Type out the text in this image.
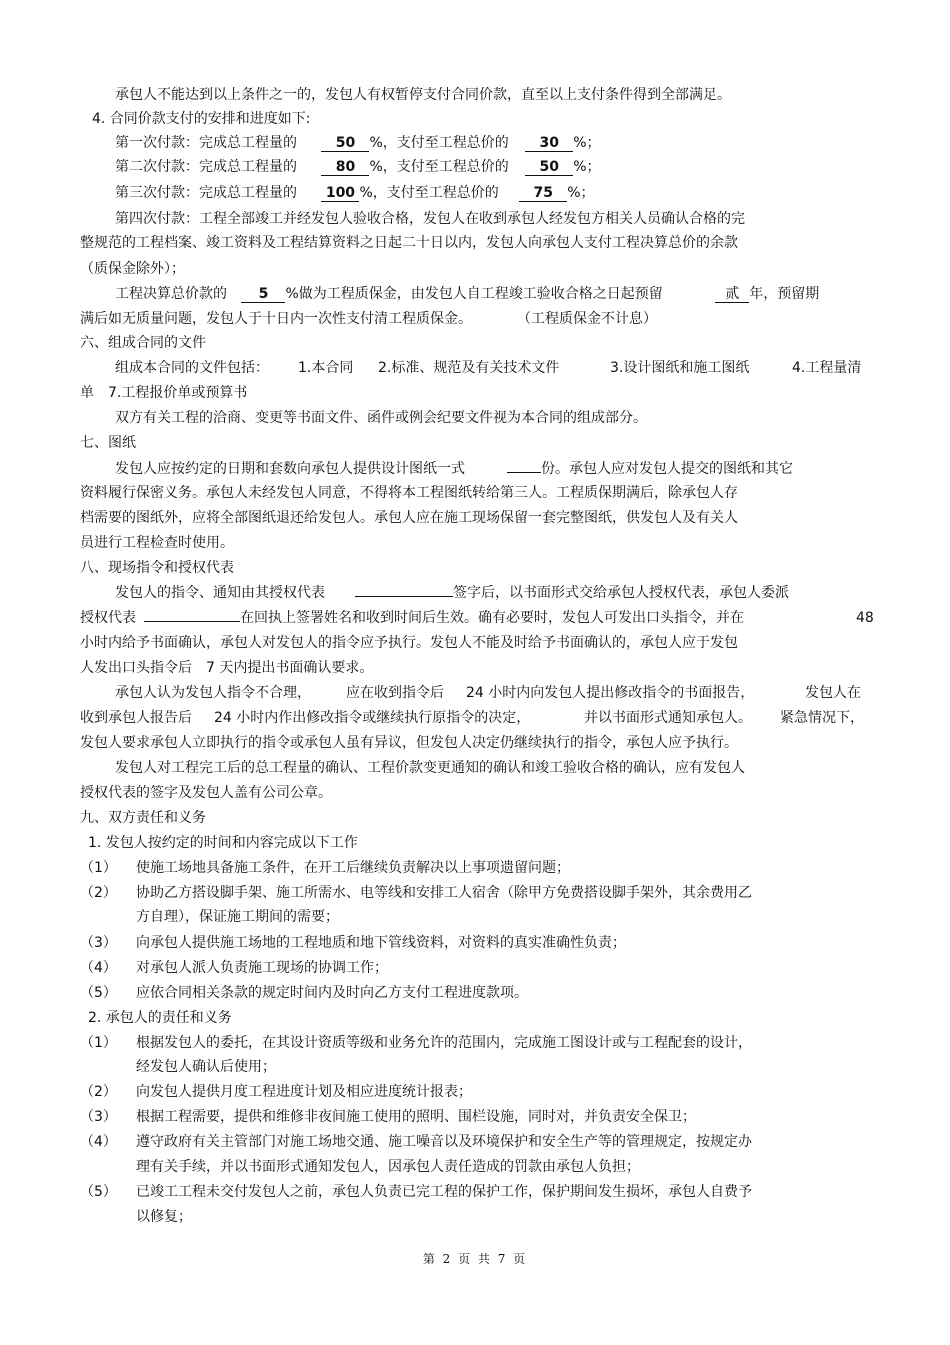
承包人不能达到以上条件之一的，发包人有权暂停支付合同价款，直至以上支付条件得到全部满足。
4. 合同价款支付的安排和进度如下:
第一次付款：完成总工程量的	50 %，支付至工程总价的 30 %；
第二次付款：完成总工程量的	80 %，支付至工程总价的 50 %；
第三次付款：完成总工程量的 100 %，支付至工程总价的 75 %；
第四次付款：工程全部竣工并经发包人验收合格，发包人在收到承包人经发包方相关人员确认合格的完
整规范的工程档案、竣工资料及工程结算资料之日起二十日以内，发包人向承包人支付工程决算总价的余款
（质保金除外）；
工程决算总价款的 5 %做为工程质保金，由发包人自工程竣工验收合格之日起预留	贰 年，预留期
满后如无质量问题，发包人于十日内一次性支付清工程质保金。	（工程质保金不计息）
六、组成合同的文件
组成本合同的文件包括： 1.本合同 2.标准、规范及有关技术文件	3.设计图纸和施工图纸	4.工程量清
单 7.工程报价单或预算书
双方有关工程的洽商、变更等书面文件、函件或例会纪要文件视为本合同的组成部分。
七、图纸
发包人应按约定的日期和套数向承包人提供设计图纸一式	份。承包人应对发包人提交的图纸和其它
资料履行保密义务。承包人未经发包人同意，不得将本工程图纸转给第三人。工程质保期满后，除承包人存
档需要的图纸外，应将全部图纸退还给发包人。承包人应在施工现场保留一套完整图纸，供发包人及有关人
员进行工程检查时使用。
八、现场指令和授权代表
发包人的指令、通知由其授权代表	签字后，以书面形式交给承包人授权代表，承包人委派
授权代表	在回执上签署姓名和收到时间后生效。确有必要时，发包人可发出口头指令，并在	48
小时内给予书面确认，承包人对发包人的指令应予执行。发包人不能及时给予书面确认的，承包人应于发包
人发出口头指令后 7 天内提出书面确认要求。
承包人认为发包人指令不合理，	应在收到指令后 24 小时内向发包人提出修改指令的书面报告，	发包人在
收到承包人报告后 24 小时内作出修改指令或继续执行原指令的决定，	并以书面形式通知承包人。 紧急情况下，
发包人要求承包人立即执行的指令或承包人虽有异议，但发包人决定仍继续执行的指令，承包人应予执行。
发包人对工程完工后的总工程量的确认、工程价款变更通知的确认和竣工验收合格的确认，应有发包人
授权代表的签字及发包人盖有公司公章。
九、双方责任和义务
1. 发包人按约定的时间和内容完成以下工作
（1） 使施工场地具备施工条件，在开工后继续负责解决以上事项遗留问题；
（2） 协助乙方搭设脚手架、施工所需水、电等线和安排工人宿舍（除甲方免费搭设脚手架外，其余费用乙
方自理），保证施工期间的需要；
（3） 向承包人提供施工场地的工程地质和地下管线资料，对资料的真实准确性负责；
（4） 对承包人派人负责施工现场的协调工作；
（5） 应依合同相关条款的规定时间内及时向乙方支付工程进度款项。
2. 承包人的责任和义务
（1） 根据发包人的委托，在其设计资质等级和业务允许的范围内，完成施工图设计或与工程配套的设计，
经发包人确认后使用；
（2） 向发包人提供月度工程进度计划及相应进度统计报表；
（3） 根据工程需要，提供和维修非夜间施工使用的照明、围栏设施，同时对，并负责安全保卫；
（4） 遵守政府有关主管部门对施工场地交通、施工噪音以及环境保护和安全生产等的管理规定，按规定办
理有关手续，并以书面形式通知发包人，因承包人责任造成的罚款由承包人负担；
（5） 已竣工工程未交付发包人之前，承包人负责已完工程的保护工作，保护期间发生损坏，承包人自费予
以修复；
第 2 页 共 7 页
